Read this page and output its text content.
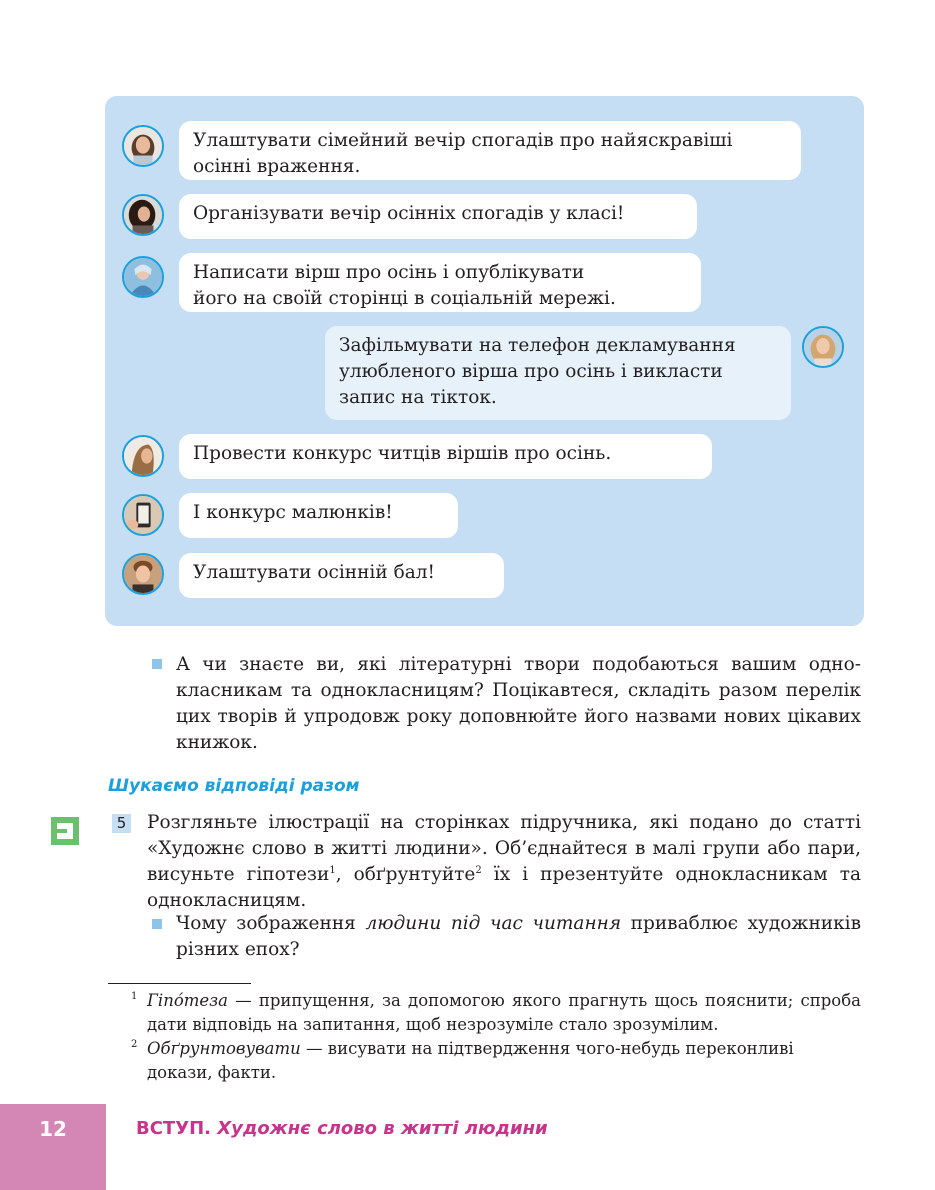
Улаштувати сімейний вечір спогадів про найяскравіші
осінні враження.
Організувати вечір осінніх спогадів у класі!
Написати вірш про осінь і опублікувати
його на своїй сторінці в соціальній мережі.
Зафільмувати на телефон декламування
улюбленого вірша про осінь і викласти
запис на тікток.
Провести конкурс читців віршів про осінь.
І конкурс малюнків!
Улаштувати осінній бал!
А чи знаєте ви, які літературні твори подобаються вашим однокласникам та однокласницям? Поцікавтеся, складіть разом перелік цих творів й упродовж року доповнюйте його назвами нових цікавих книжок.
Шукаємо відповіді разом
5 Розгляньте ілюстрації на сторінках підручника, які подано до статті «Художнє слово в житті людини». Об’єднайтеся в малі групи або пари, висуньте гіпотези$^1$, обґрунтуйте$^2$ їх і презентуйте однокласникам та однокласницям.
Чому зображення людини під час читання приваблює художників різних епох?
1 Гіпо́теза — припущення, за допомогою якого прагнуть щось пояснити; спроба дати відповідь на запитання, щоб незрозуміле стало зрозумілим.
2 Обґрунтовувати — висувати на підтвердження чого-небудь переконливі докази, факти.
12	ВСТУП. Художнє слово в житті людини
